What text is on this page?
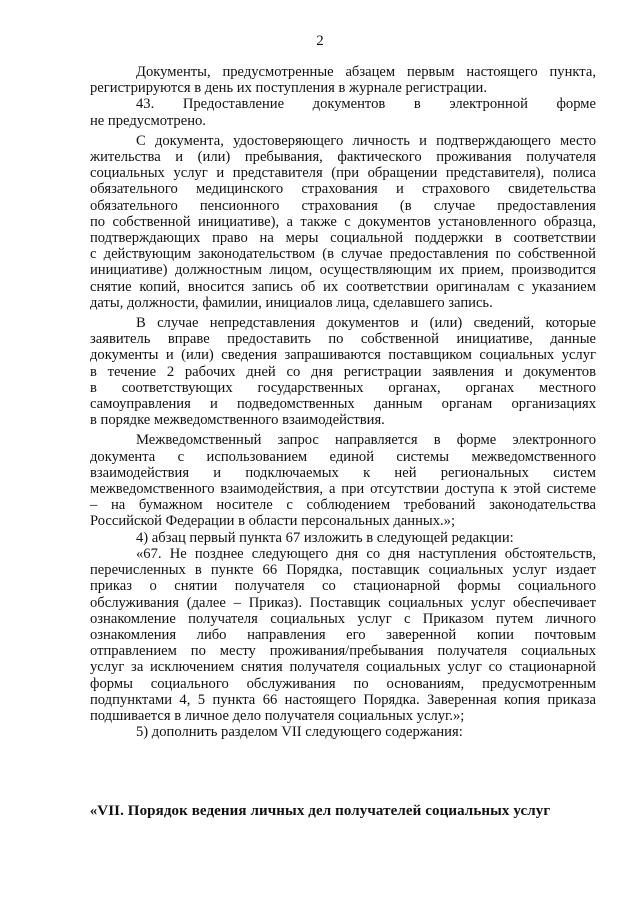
2
Документы, предусмотренные абзацем первым настоящего пункта,
регистрируются в день их поступления в журнале регистрации.
43. Предоставление документов в электронной форме
не предусмотрено.
С документа, удостоверяющего личность и подтверждающего место
жительства и (или) пребывания, фактического проживания получателя
социальных услуг и представителя (при обращении представителя), полиса
обязательного медицинского страхования и страхового свидетельства
обязательного пенсионного страхования (в случае предоставления
по собственной инициативе), а также с документов установленного образца,
подтверждающих право на меры социальной поддержки в соответствии
с действующим законодательством (в случае предоставления по собственной
инициативе) должностным лицом, осуществляющим их прием, производится
снятие копий, вносится запись об их соответствии оригиналам с указанием
даты, должности, фамилии, инициалов лица, сделавшего запись.
В случае непредставления документов и (или) сведений, которые
заявитель вправе предоставить по собственной инициативе, данные
документы и (или) сведения запрашиваются поставщиком социальных услуг
в течение 2 рабочих дней со дня регистрации заявления и документов
в соответствующих государственных органах, органах местного
самоуправления и подведомственных данным органам организациях
в порядке межведомственного взаимодействия.
Межведомственный запрос направляется в форме электронного
документа с использованием единой системы межведомственного
взаимодействия и подключаемых к ней региональных систем
межведомственного взаимодействия, а при отсутствии доступа к этой системе
– на бумажном носителе с соблюдением требований законодательства
Российской Федерации в области персональных данных.»;
4) абзац первый пункта 67 изложить в следующей редакции:
«67. Не позднее следующего дня со дня наступления обстоятельств,
перечисленных в пункте 66 Порядка, поставщик социальных услуг издает
приказ о снятии получателя со стационарной формы социального
обслуживания (далее – Приказ). Поставщик социальных услуг обеспечивает
ознакомление получателя социальных услуг с Приказом путем личного
ознакомления либо направления его заверенной копии почтовым
отправлением по месту проживания/пребывания получателя социальных
услуг за исключением снятия получателя социальных услуг со стационарной
формы социального обслуживания по основаниям, предусмотренным
подпунктами 4, 5 пункта 66 настоящего Порядка. Заверенная копия приказа
подшивается в личное дело получателя социальных услуг.»;
5) дополнить разделом VII следующего содержания:
«VII. Порядок ведения личных дел получателей социальных услуг
